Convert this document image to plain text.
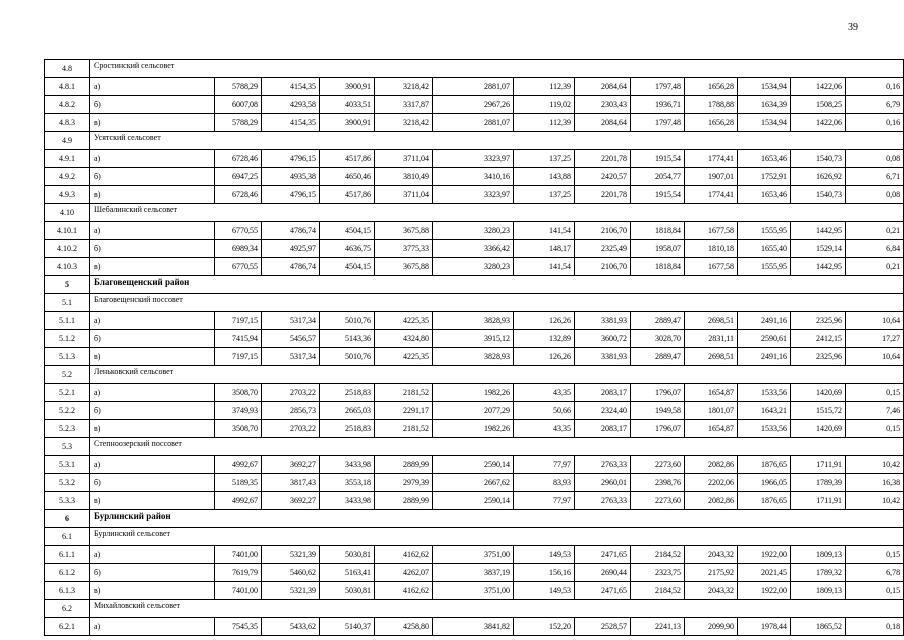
39
4.8	Сростинский сельсовет												
4.8.1	а)	5788,29	4154,35	3900,91	3218,42	2881,07	112,39	2084,64	1797,48	1656,28	1534,94	1422,06	0,16
4.8.2	б)	6007,08	4293,58	4033,51	3317,87	2967,26	119,02	2303,43	1936,71	1788,88	1634,39	1508,25	6,79
4.8.3	в)	5788,29	4154,35	3900,91	3218,42	2881,07	112,39	2084,64	1797,48	1656,28	1534,94	1422,06	0,16
4.9	Усятский сельсовет												
4.9.1	а)	6728,46	4796,15	4517,86	3711,04	3323,97	137,25	2201,78	1915,54	1774,41	1653,46	1540,73	0,08
4.9.2	б)	6947,25	4935,38	4650,46	3810,49	3410,16	143,88	2420,57	2054,77	1907,01	1752,91	1626,92	6,71
4.9.3	в)	6728,46	4796,15	4517,86	3711,04	3323,97	137,25	2201,78	1915,54	1774,41	1653,46	1540,73	0,08
4.10	Шебалинский сельсовет												
4.10.1	а)	6770,55	4786,74	4504,15	3675,88	3280,23	141,54	2106,70	1818,84	1677,58	1555,95	1442,95	0,21
4.10.2	б)	6989,34	4925,97	4636,75	3775,33	3366,42	148,17	2325,49	1958,07	1810,18	1655,40	1529,14	6,84
4.10.3	в)	6770,55	4786,74	4504,15	3675,88	3280,23	141,54	2106,70	1818,84	1677,58	1555,95	1442,95	0,21
5	Благовещенский район												
5.1	Благовещенский поссовет												
5.1.1	а)	7197,15	5317,34	5010,76	4225,35	3828,93	126,26	3381,93	2889,47	2698,51	2491,16	2325,96	10,64
5.1.2	б)	7415,94	5456,57	5143,36	4324,80	3915,12	132,89	3600,72	3028,70	2831,11	2590,61	2412,15	17,27
5.1.3	в)	7197,15	5317,34	5010,76	4225,35	3828,93	126,26	3381,93	2889,47	2698,51	2491,16	2325,96	10,64
5.2	Леньковский сельсовет												
5.2.1	а)	3508,70	2703,22	2518,83	2181,52	1982,26	43,35	2083,17	1796,07	1654,87	1533,56	1420,69	0,15
5.2.2	б)	3749,93	2856,73	2665,03	2291,17	2077,29	50,66	2324,40	1949,58	1801,07	1643,21	1515,72	7,46
5.2.3	в)	3508,70	2703,22	2518,83	2181,52	1982,26	43,35	2083,17	1796,07	1654,87	1533,56	1420,69	0,15
5.3	Степноозерский поссовет												
5.3.1	а)	4992,67	3692,27	3433,98	2889,99	2590,14	77,97	2763,33	2273,60	2082,86	1876,65	1711,91	10,42
5.3.2	б)	5189,35	3817,43	3553,18	2979,39	2667,62	83,93	2960,01	2398,76	2202,06	1966,05	1789,39	16,38
5.3.3	в)	4992,67	3692,27	3433,98	2889,99	2590,14	77,97	2763,33	2273,60	2082,86	1876,65	1711,91	10,42
6	Бурлинский район												
6.1	Бурлинский сельсовет												
6.1.1	а)	7401,00	5321,39	5030,81	4162,62	3751,00	149,53	2471,65	2184,52	2043,32	1922,00	1809,13	0,15
6.1.2	б)	7619,79	5460,62	5163,41	4262,07	3837,19	156,16	2690,44	2323,75	2175,92	2021,45	1789,32	6,78
6.1.3	в)	7401,00	5321,39	5030,81	4162,62	3751,00	149,53	2471,65	2184,52	2043,32	1922,00	1809,13	0,15
6.2	Михайловский сельсовет												
6.2.1	а)	7545,35	5433,62	5140,37	4258,80	3841,82	152,20	2528,57	2241,13	2099,90	1978,44	1865,52	0,18
